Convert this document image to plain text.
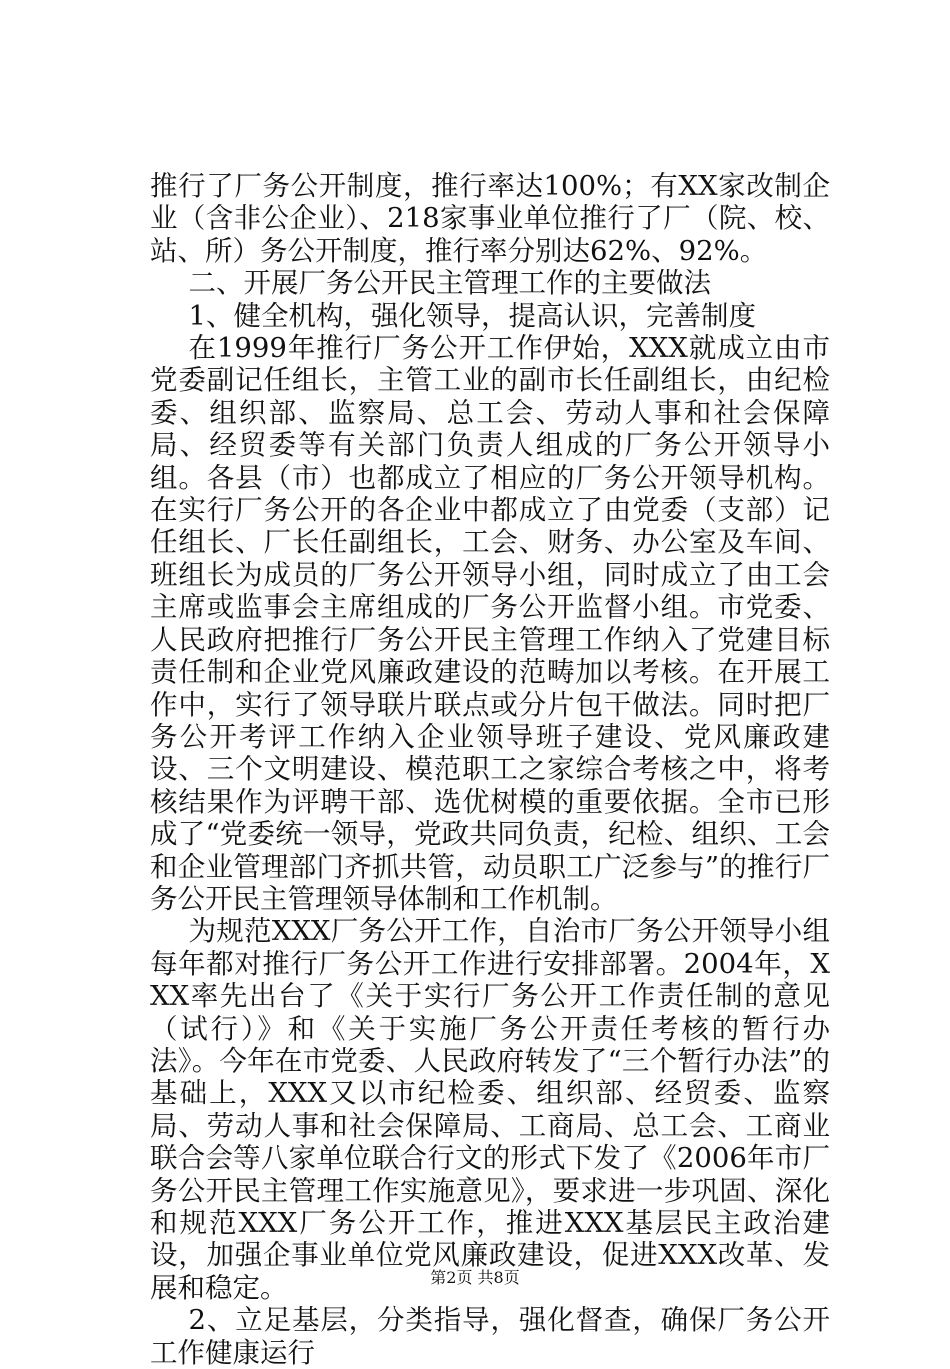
推行了厂务公开制度，推行率达100%；有XX家改制企业（含非公企业）、218家事业单位推行了厂（院、校、站、所）务公开制度，推行率分别达62%、92%。

二、开展厂务公开民主管理工作的主要做法

1、健全机构，强化领导，提高认识，完善制度

在1999年推行厂务公开工作伊始，XXX就成立由市党委副记任组长，主管工业的副市长任副组长，由纪检委、组织部、监察局、总工会、劳动人事和社会保障局、经贸委等有关部门负责人组成的厂务公开领导小组。各县（市）也都成立了相应的厂务公开领导机构。在实行厂务公开的各企业中都成立了由党委（支部）记任组长、厂长任副组长，工会、财务、办公室及车间、班组长为成员的厂务公开领导小组，同时成立了由工会主席或监事会主席组成的厂务公开监督小组。市党委、人民政府把推行厂务公开民主管理工作纳入了党建目标责任制和企业党风廉政建设的范畴加以考核。在开展工作中，实行了领导联片联点或分片包干做法。同时把厂务公开考评工作纳入企业领导班子建设、党风廉政建设、三个文明建设、模范职工之家综合考核之中，将考核结果作为评聘干部、选优树模的重要依据。全市已形成了“党委统一领导，党政共同负责，纪检、组织、工会和企业管理部门齐抓共管，动员职工广泛参与”的推行厂务公开民主管理领导体制和工作机制。

为规范XXX厂务公开工作，自治市厂务公开领导小组每年都对推行厂务公开工作进行安排部署。2004年，XXX率先出台了《关于实行厂务公开工作责任制的意见（试行）》和《关于实施厂务公开责任考核的暂行办法》。今年在市党委、人民政府转发了“三个暂行办法”的基础上，XXX又以市纪检委、组织部、经贸委、监察局、劳动人事和社会保障局、工商局、总工会、工商业联合会等八家单位联合行文的形式下发了《2006年市厂务公开民主管理工作实施意见》，要求进一步巩固、深化和规范XXX厂务公开工作，推进XXX基层民主政治建设，加强企事业单位党风廉政建设，促进XXX改革、发展和稳定。

2、立足基层，分类指导，强化督查，确保厂务公开工作健康运行

第2页 共8页
